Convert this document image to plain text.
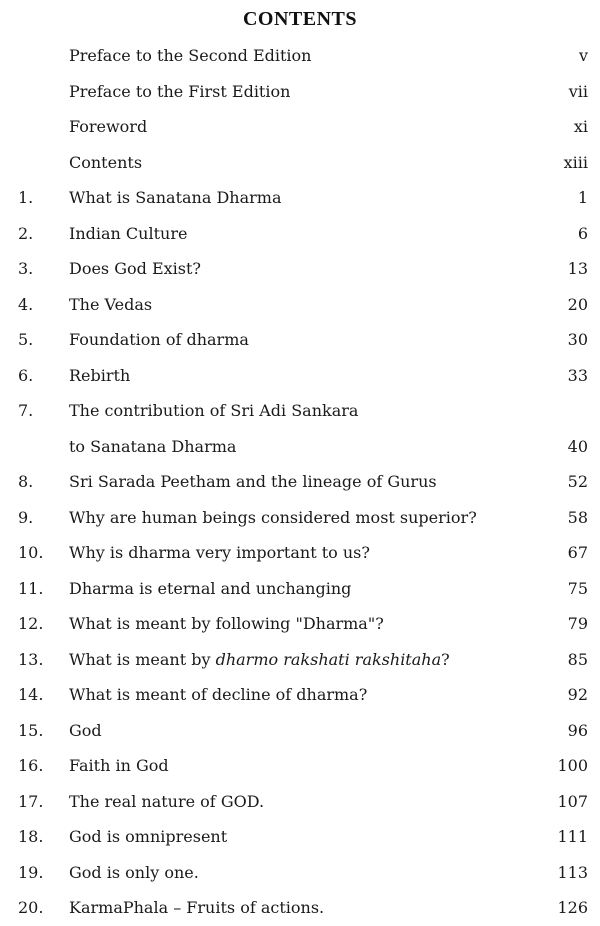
CONTENTS
Preface to the Second Edition	v
Preface to the First Edition	vii
Foreword	xi
Contents	xiii
1. What is Sanatana Dharma	1
2. Indian Culture	6
3. Does God Exist?	13
4. The Vedas	20
5. Foundation of dharma	30
6. Rebirth	33
7. The contribution of Sri Adi Sankara
to Sanatana Dharma	40
8. Sri Sarada Peetham and the lineage of Gurus	52
9. Why are human beings considered most superior?	58
10. Why is dharma very important to us?	67
11. Dharma is eternal and unchanging	75
12. What is meant by following "Dharma"?	79
13. What is meant by dharmo rakshati rakshitaha?	85
14. What is meant of decline of dharma?	92
15. God	96
16. Faith in God	100
17. The real nature of GOD.	107
18. God is omnipresent	111
19. God is only one.	113
20. KarmaPhala – Fruits of actions.	126
